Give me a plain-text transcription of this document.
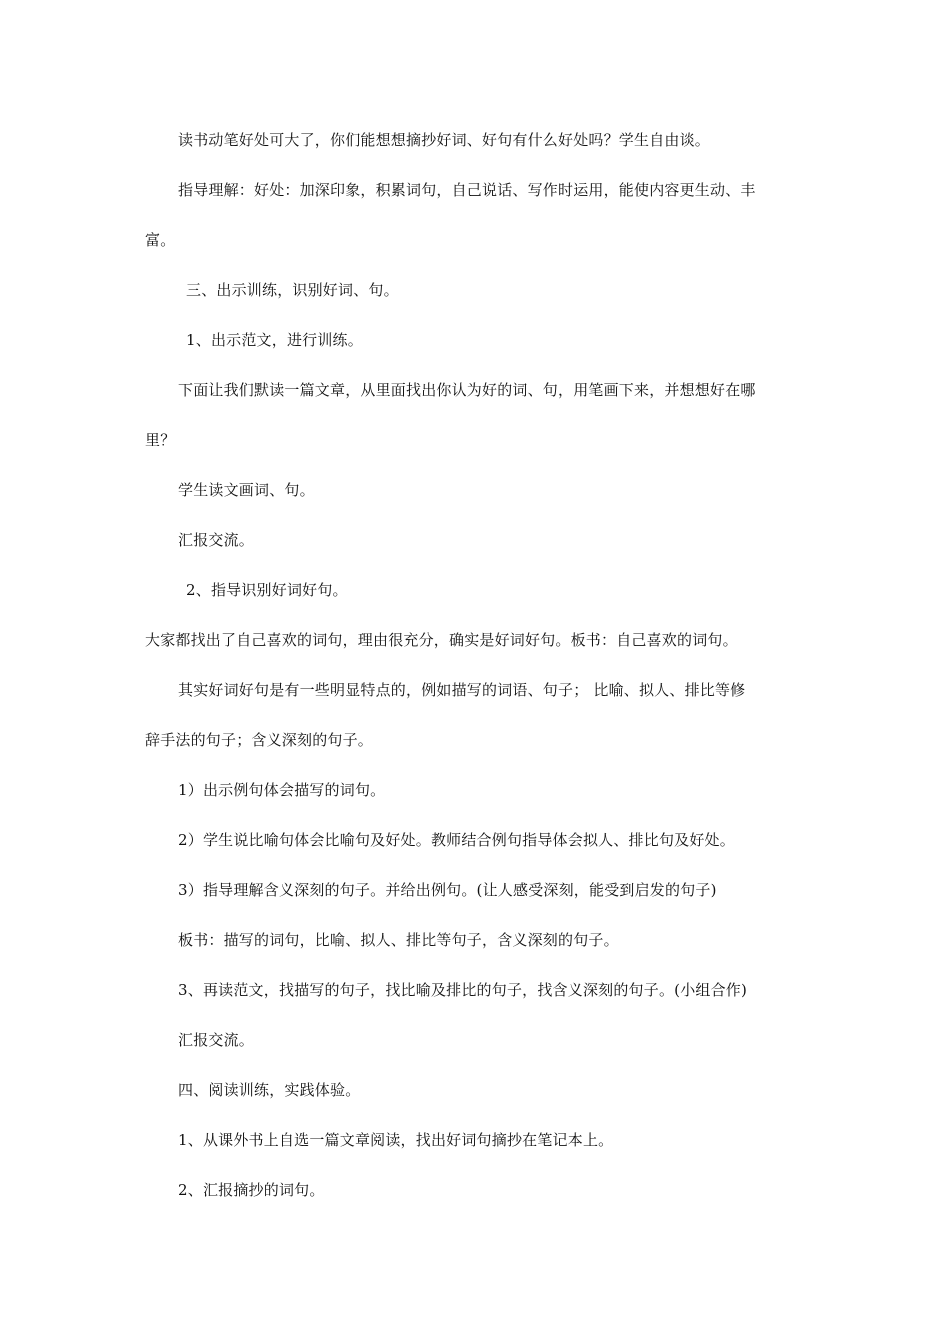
读书动笔好处可大了，你们能想想摘抄好词、好句有什么好处吗？学生自由谈。
指导理解：好处：加深印象，积累词句，自己说话、写作时运用，能使内容更生动、丰
富。
三、出示训练，识别好词、句。
1、出示范文，进行训练。
下面让我们默读一篇文章，从里面找出你认为好的词、句，用笔画下来，并想想好在哪
里？
学生读文画词、句。
汇报交流。
2、指导识别好词好句。
大家都找出了自己喜欢的词句，理由很充分，确实是好词好句。板书：自己喜欢的词句。
其实好词好句是有一些明显特点的，例如描写的词语、句子； 比喻、拟人、排比等修
辞手法的句子；含义深刻的句子。
1）出示例句体会描写的词句。
2）学生说比喻句体会比喻句及好处。教师结合例句指导体会拟人、排比句及好处。
3）指导理解含义深刻的句子。并给出例句。(让人感受深刻，能受到启发的句子)
板书：描写的词句，比喻、拟人、排比等句子，含义深刻的句子。
3、再读范文，找描写的句子，找比喻及排比的句子，找含义深刻的句子。(小组合作)
汇报交流。
四、阅读训练，实践体验。
1、从课外书上自选一篇文章阅读，找出好词句摘抄在笔记本上。
2、汇报摘抄的词句。
